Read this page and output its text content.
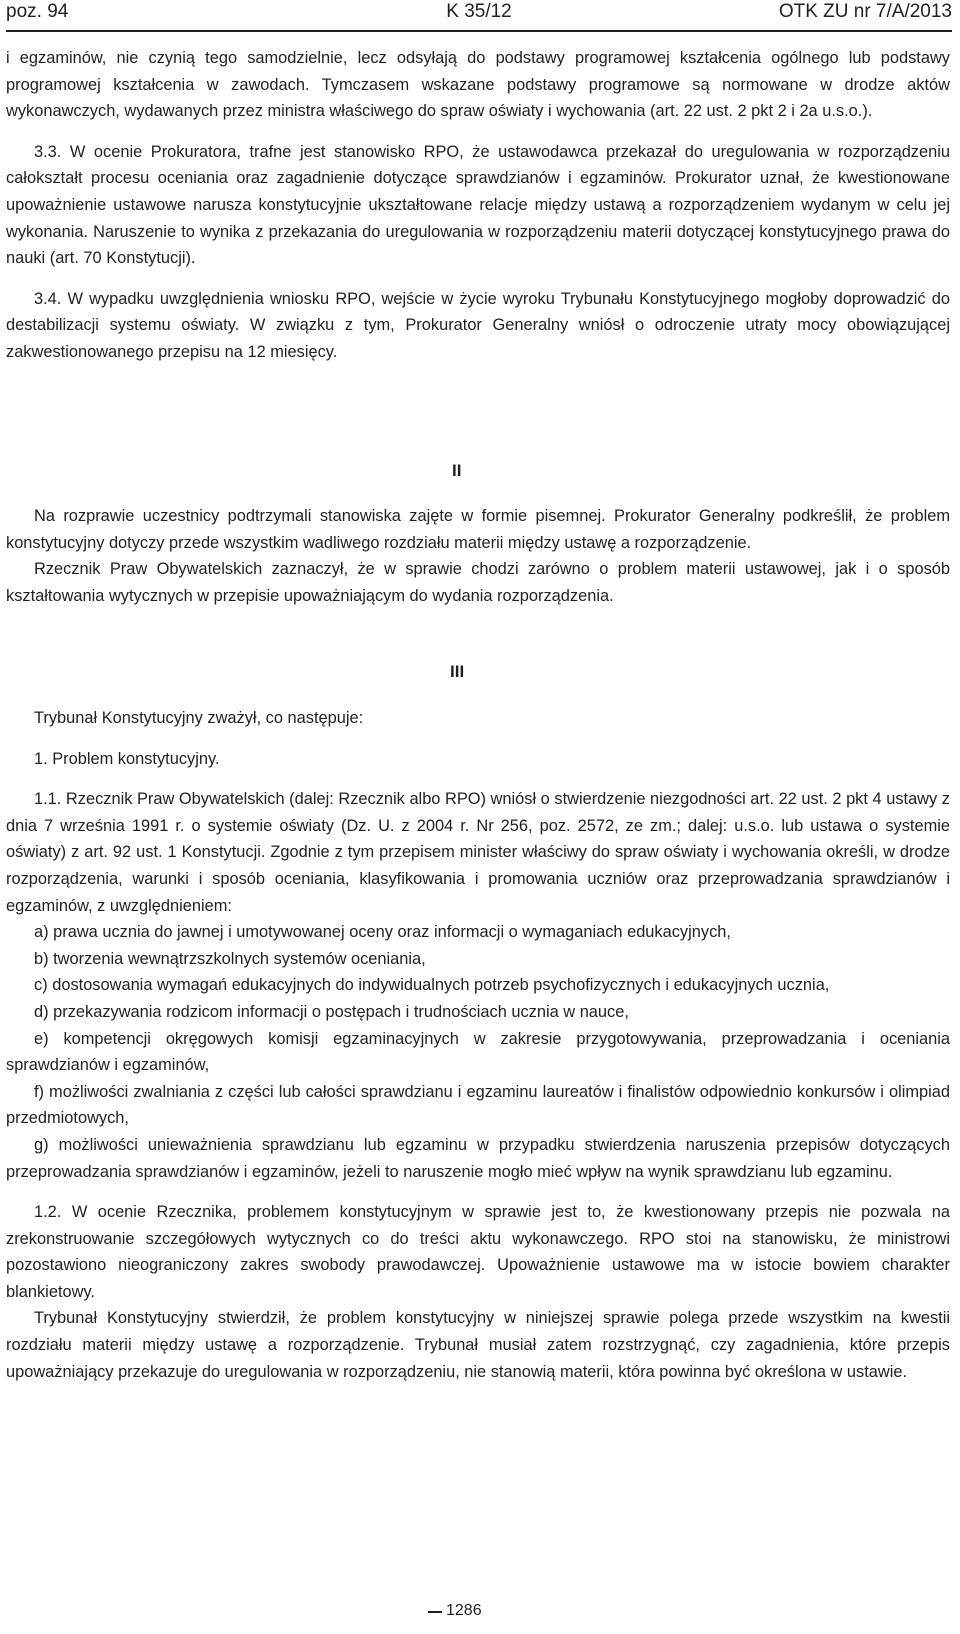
poz. 94	K 35/12	OTK ZU nr 7/A/2013

i egzaminów, nie czynią tego samodzielnie, lecz odsyłają do podstawy programowej kształcenia ogólnego lub podstawy programowej kształcenia w zawodach. Tymczasem wskazane podstawy programowe są normowane w drodze aktów wykonawczych, wydawanych przez ministra właściwego do spraw oświaty i wychowania (art. 22 ust. 2 pkt 2 i 2a u.s.o.).

3.3. W ocenie Prokuratora, trafne jest stanowisko RPO, że ustawodawca przekazał do uregulowania w rozporządzeniu całokształt procesu oceniania oraz zagadnienie dotyczące sprawdzianów i egzaminów. Prokurator uznał, że kwestionowane upoważnienie ustawowe narusza konstytucyjnie ukształtowane relacje między ustawą a rozporządzeniem wydanym w celu jej wykonania. Naruszenie to wynika z przekazania do uregulowania w rozporządzeniu materii dotyczącej konstytucyjnego prawa do nauki (art. 70 Konstytucji).

3.4. W wypadku uwzględnienia wniosku RPO, wejście w życie wyroku Trybunału Konstytucyjnego mogłoby doprowadzić do destabilizacji systemu oświaty. W związku z tym, Prokurator Generalny wniósł o odroczenie utraty mocy obowiązującej zakwestionowanego przepisu na 12 miesięcy.

II

Na rozprawie uczestnicy podtrzymali stanowiska zajęte w formie pisemnej. Prokurator Generalny podkreślił, że problem konstytucyjny dotyczy przede wszystkim wadliwego rozdziału materii między ustawę a rozporządzenie.

Rzecznik Praw Obywatelskich zaznaczył, że w sprawie chodzi zarówno o problem materii ustawowej, jak i o sposób kształtowania wytycznych w przepisie upoważniającym do wydania rozporządzenia.

III

Trybunał Konstytucyjny zważył, co następuje:

1. Problem konstytucyjny.

1.1. Rzecznik Praw Obywatelskich (dalej: Rzecznik albo RPO) wniósł o stwierdzenie niezgodności art. 22 ust. 2 pkt 4 ustawy z dnia 7 września 1991 r. o systemie oświaty (Dz. U. z 2004 r. Nr 256, poz. 2572, ze zm.; dalej: u.s.o. lub ustawa o systemie oświaty) z art. 92 ust. 1 Konstytucji. Zgodnie z tym przepisem minister właściwy do spraw oświaty i wychowania określi, w drodze rozporządzenia, warunki i sposób oceniania, klasyfikowania i promowania uczniów oraz przeprowadzania sprawdzianów i egzaminów, z uwzględnieniem:

a) prawa ucznia do jawnej i umotywowanej oceny oraz informacji o wymaganiach edukacyjnych,

b) tworzenia wewnątrzszkolnych systemów oceniania,

c) dostosowania wymagań edukacyjnych do indywidualnych potrzeb psychofizycznych i edukacyjnych ucznia,

d) przekazywania rodzicom informacji o postępach i trudnościach ucznia w nauce,

e) kompetencji okręgowych komisji egzaminacyjnych w zakresie przygotowywania, przeprowadzania i oceniania sprawdzianów i egzaminów,

f) możliwości zwalniania z części lub całości sprawdzianu i egzaminu laureatów i finalistów odpowiednio konkursów i olimpiad przedmiotowych,

g) możliwości unieważnienia sprawdzianu lub egzaminu w przypadku stwierdzenia naruszenia przepisów dotyczących przeprowadzania sprawdzianów i egzaminów, jeżeli to naruszenie mogło mieć wpływ na wynik sprawdzianu lub egzaminu.

1.2. W ocenie Rzecznika, problemem konstytucyjnym w sprawie jest to, że kwestionowany przepis nie pozwala na zrekonstruowanie szczegółowych wytycznych co do treści aktu wykonawczego. RPO stoi na stanowisku, że ministrowi pozostawiono nieograniczony zakres swobody prawodawczej. Upoważnienie ustawowe ma w istocie bowiem charakter blankietowy.

Trybunał Konstytucyjny stwierdził, że problem konstytucyjny w niniejszej sprawie polega przede wszystkim na kwestii rozdziału materii między ustawę a rozporządzenie. Trybunał musiał zatem rozstrzygnąć, czy zagadnienia, które przepis upoważniający przekazuje do uregulowania w rozporządzeniu, nie stanowią materii, która powinna być określona w ustawie.

1286
